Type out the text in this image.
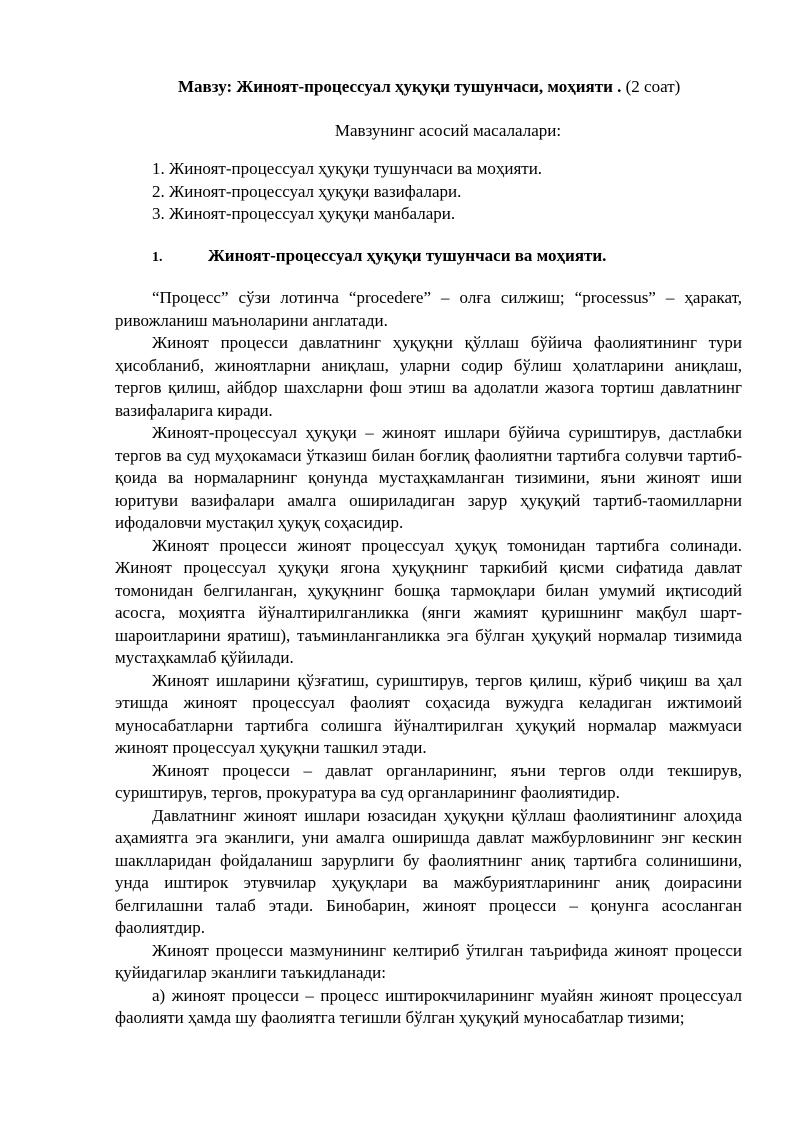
Мавзу: Жиноят-процессуал ҳуқуқи тушунчаси, моҳияти . (2 соат)
Мавзунинг асосий масалалари:
1. Жиноят-процессуал ҳуқуқи тушунчаси ва моҳияти.
2. Жиноят-процессуал ҳуқуқи вазифалари.
3. Жиноят-процессуал ҳуқуқи манбалари.
1.	Жиноят-процессуал ҳуқуқи тушунчаси ва моҳияти.

“Процесс” сўзи лотинча “procedere” – олға силжиш; “processus” – ҳаракат, ривожланиш маъноларини англатади.

Жиноят процесси давлатнинг ҳуқуқни қўллаш бўйича фаолиятининг тури ҳисобланиб, жиноятларни аниқлаш, уларни содир бўлиш ҳолатларини аниқлаш, тергов қилиш, айбдор шахсларни фош этиш ва адолатли жазога тортиш давлатнинг вазифаларига киради.

Жиноят-процессуал ҳуқуқи – жиноят ишлари бўйича суриштирув, дастлабки тергов ва суд муҳокамаси ўтказиш билан боғлиқ фаолиятни тартибга солувчи тартиб-қоида ва нормаларнинг қонунда мустаҳкамланган тизимини, яъни жиноят иши юритуви вазифалари амалга ошириладиган зарур ҳуқуқий тартиб-таомилларни ифодаловчи мустақил ҳуқуқ соҳасидир.

Жиноят процесси жиноят процессуал ҳуқуқ томонидан тартибга солинади. Жиноят процессуал ҳуқуқи ягона ҳуқуқнинг таркибий қисми сифатида давлат томонидан белгиланган, ҳуқуқнинг бошқа тармоқлари билан умумий иқтисодий асосга, моҳиятга йўналтирилганликка (янги жамият қуришнинг мақбул шарт-шароитларини яратиш), таъминланганликка эга бўлган ҳуқуқий нормалар тизимида мустаҳкамлаб қўйилади.

Жиноят ишларини қўзғатиш, суриштирув, тергов қилиш, кўриб чиқиш ва ҳал этишда жиноят процессуал фаолият соҳасида вужудга келадиган ижтимоий муносабатларни тартибга солишга йўналтирилган ҳуқуқий нормалар мажмуаси жиноят процессуал ҳуқуқни ташкил этади.

Жиноят процесси – давлат органларининг, яъни тергов олди текширув, суриштирув, тергов, прокуратура ва суд органларининг фаолиятидир.

Давлатнинг жиноят ишлари юзасидан ҳуқуқни қўллаш фаолиятининг алоҳида аҳамиятга эга эканлиги, уни амалга оширишда давлат мажбурловининг энг кескин шаклларидан фойдаланиш зарурлиги бу фаолиятнинг аниқ тартибга солинишини, унда иштирок этувчилар ҳуқуқлари ва мажбуриятларининг аниқ доирасини белгилашни талаб этади. Бинобарин, жиноят процесси – қонунга асосланган фаолиятдир.

Жиноят процесси мазмунининг келтириб ўтилган таърифида жиноят процесси қуйидагилар эканлиги таъкидланади:

а) жиноят процесси – процесс иштирокчиларининг муайян жиноят процессуал фаолияти ҳамда шу фаолиятга тегишли бўлган ҳуқуқий муносабатлар тизими;
